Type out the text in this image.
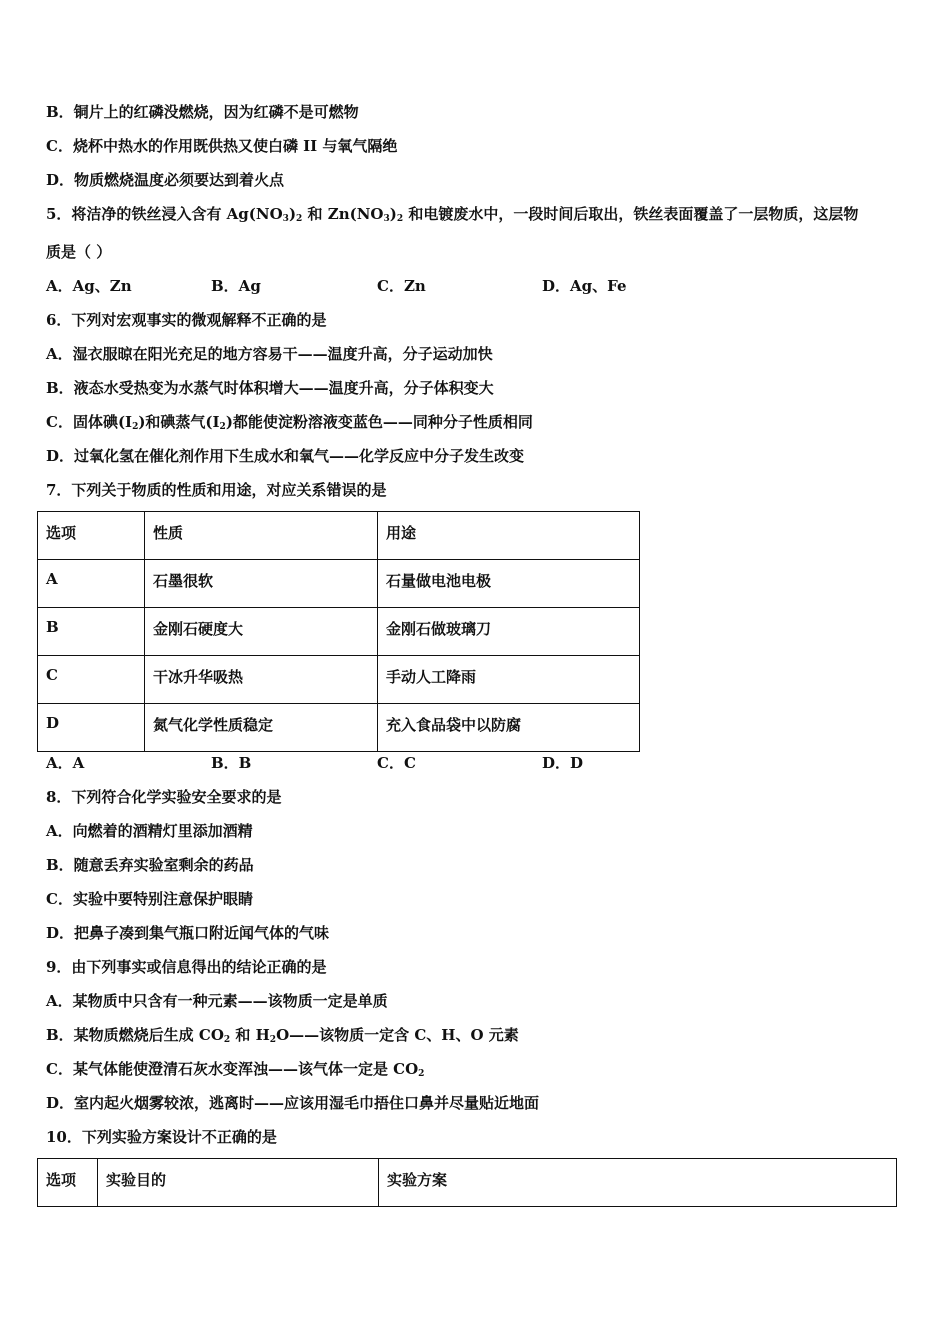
B．铜片上的红磷没燃烧，因为红磷不是可燃物
C．烧杯中热水的作用既供热又使白磷 II 与氧气隔绝
D．物质燃烧温度必须要达到着火点
5．将洁净的铁丝浸入含有 $Ag(NO_3)_2$ 和 $Zn(NO_3)_2$ 和电镀废水中，一段时间后取出，铁丝表面覆盖了一层物质，这层物
质是（ ）
A．Ag、Zn	B．Ag	C．Zn	D．Ag、Fe
6．下列对宏观事实的微观解释不正确的是
A．湿衣服晾在阳光充足的地方容易干——温度升高，分子运动加快
B．液态水受热变为水蒸气时体积增大——温度升高，分子体积变大
C．固体碘$(I_2)$和碘蒸气$(I_2)$都能使淀粉溶液变蓝色——同种分子性质相同
D．过氧化氢在催化剂作用下生成水和氧气——化学反应中分子发生改变
7．下列关于物质的性质和用途，对应关系错误的是
选项	性质	用途
A	石墨很软	石量做电池电极
B	金刚石硬度大	金刚石做玻璃刀
C	干冰升华吸热	手动人工降雨
D	氮气化学性质稳定	充入食品袋中以防腐
A．A	B．B	C．C	D．D
8．下列符合化学实验安全要求的是
A．向燃着的酒精灯里添加酒精
B．随意丢弃实验室剩余的药品
C．实验中要特别注意保护眼睛
D．把鼻子凑到集气瓶口附近闻气体的气味
9．由下列事实或信息得出的结论正确的是
A．某物质中只含有一种元素——该物质一定是单质
B．某物质燃烧后生成 $CO_2$ 和 $H_2O——$该物质一定含 C、H、O 元素
C．某气体能使澄清石灰水变浑浊——该气体一定是 $CO_2$
D．室内起火烟雾较浓，逃离时——应该用湿毛巾捂住口鼻并尽量贴近地面
10．下列实验方案设计不正确的是
选项	实验目的	实验方案
